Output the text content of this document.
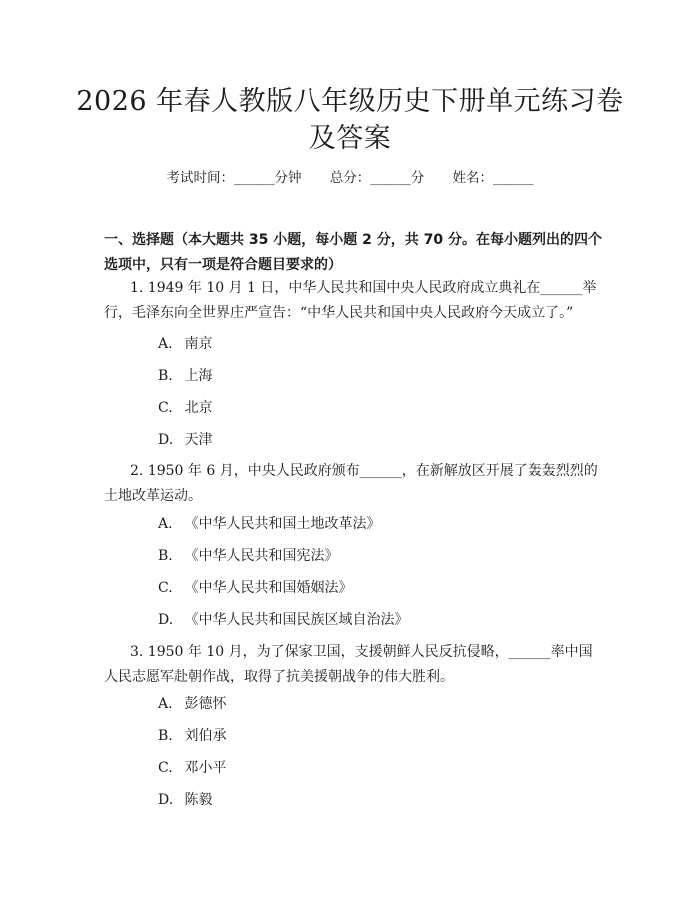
2026 年春人教版八年级历史下册单元练习卷
及答案
考试时间：______分钟 总分：______分 姓名：______
一、选择题（本大题共 35 小题，每小题 2 分，共 70 分。在每小题列出的四个选项中，只有一项是符合题目要求的）
1. 1949 年 10 月 1 日，中华人民共和国中央人民政府成立典礼在______举行，毛泽东向全世界庄严宣告：“中华人民共和国中央人民政府今天成立了。”
A. 南京
B. 上海
C. 北京
D. 天津
2. 1950 年 6 月，中央人民政府颁布______，在新解放区开展了轰轰烈烈的土地改革运动。
A. 《中华人民共和国土地改革法》
B. 《中华人民共和国宪法》
C. 《中华人民共和国婚姻法》
D. 《中华人民共和国民族区域自治法》
3. 1950 年 10 月，为了保家卫国，支援朝鲜人民反抗侵略，______率中国人民志愿军赴朝作战，取得了抗美援朝战争的伟大胜利。
A. 彭德怀
B. 刘伯承
C. 邓小平
D. 陈毅
